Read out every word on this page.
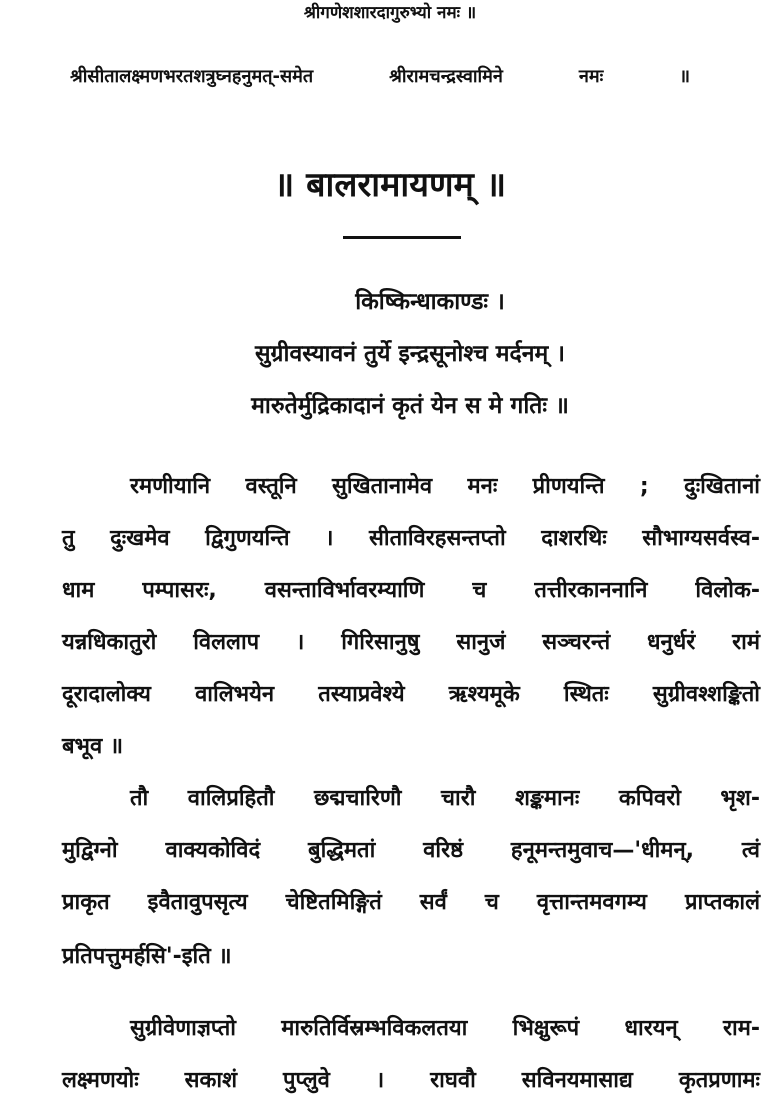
श्रीगणेशशारदागुरुभ्यो नमः ॥
श्रीसीतालक्ष्मणभरतशत्रुघ्नहनुमत्-समेत श्रीरामचन्द्रस्वामिने नमः ॥
॥ बालरामायणम् ॥
किष्किन्धाकाण्डः ।
सुग्रीवस्यावनं तुर्ये इन्द्रसूनोश्च मर्दनम् ।
मारुतेर्मुद्रिकादानं कृतं येन स मे गतिः ॥
रमणीयानि वस्तूनि सुखितानामेव मनः प्रीणयन्ति ; दुःखितानां
तु दुःखमेव द्विगुणयन्ति । सीताविरहसन्तप्तो दाशरथिः सौभाग्यसर्वस्व-
धाम पम्पासरः, वसन्ताविर्भावरम्याणि च तत्तीरकाननानि विलोक-
यन्नधिकातुरो विललाप । गिरिसानुषु सानुजं सञ्चरन्तं धनुर्धरं रामं
दूरादालोक्य वालिभयेन तस्याप्रवेश्ये ऋश्यमूके स्थितः सुग्रीवश्शङ्कितो
बभूव ॥
तौ वालिप्रहितौ छद्मचारिणौ चारौ शङ्कमानः कपिवरो भृश-
मुद्विग्नो वाक्यकोविदं बुद्धिमतां वरिष्ठं हनूमन्तमुवाच—'धीमन्, त्वं
प्राकृत इवैतावुपसृत्य चेष्टितमिङ्गितं सर्वं च वृत्तान्तमवगम्य प्राप्तकालं
प्रतिपत्तुमर्हसि'-इति ॥
सुग्रीवेणाज्ञप्तो मारुतिर्विस्रम्भविकलतया भिक्षुरूपं धारयन् राम-
लक्ष्मणयोः सकाशं पुप्लुवे । राघवौ सविनयमासाद्य कृतप्रणामः
